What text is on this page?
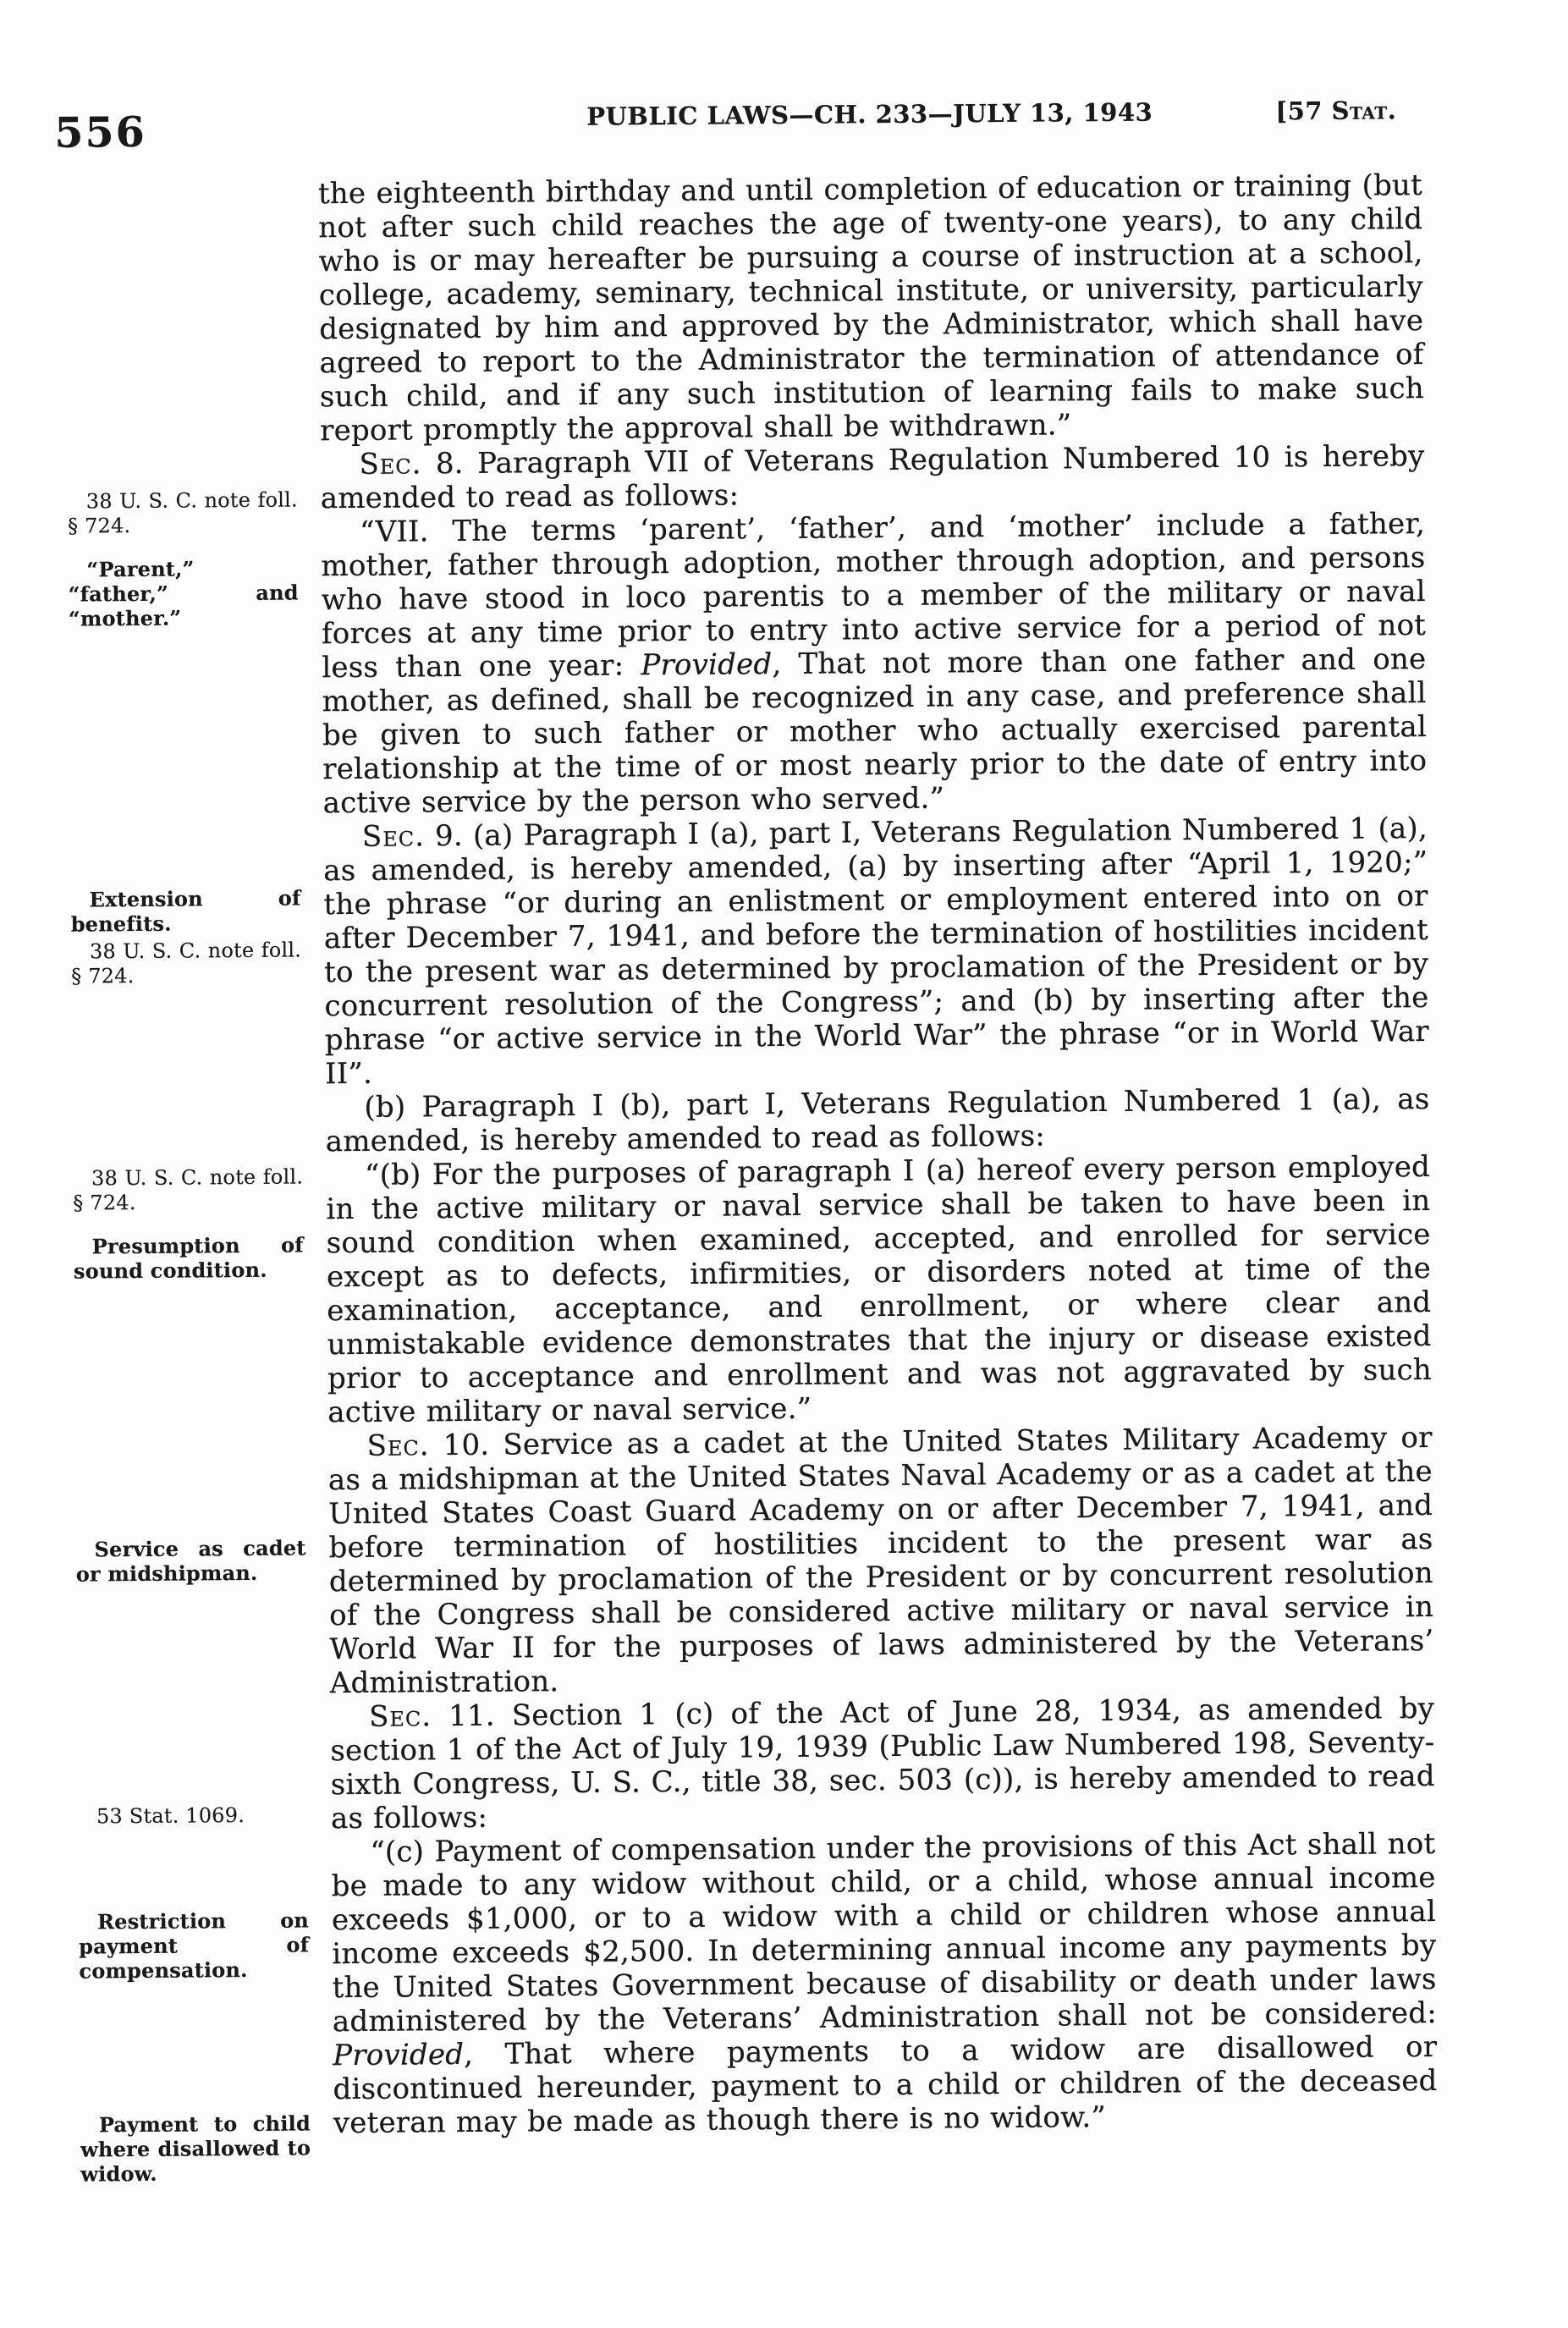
556	PUBLIC LAWS—CH. 233—JULY 13, 1943	[57 Stat.
38 U. S. C. note foll. § 724.
“Parent,” “father,” and “mother.”
Extension of benefits.
38 U. S. C. note foll. § 724.
38 U. S. C. note foll. § 724.
Presumption of sound condition.
Service as cadet or midshipman.
53 Stat. 1069.
Restriction on payment of compensation.
Payment to child where disallowed to widow.

the eighteenth birthday and until completion of education or training (but not after such child reaches the age of twenty-one years), to any child who is or may hereafter be pursuing a course of instruction at a school, college, academy, seminary, technical institute, or university, particularly designated by him and approved by the Administrator, which shall have agreed to report to the Administrator the termination of attendance of such child, and if any such institution of learning fails to make such report promptly the approval shall be withdrawn.”

Sec. 8. Paragraph VII of Veterans Regulation Numbered 10 is hereby amended to read as follows:

“VII. The terms ‘parent’, ‘father’, and ‘mother’ include a father, mother, father through adoption, mother through adoption, and persons who have stood in loco parentis to a member of the military or naval forces at any time prior to entry into active service for a period of not less than one year: Provided, That not more than one father and one mother, as defined, shall be recognized in any case, and preference shall be given to such father or mother who actually exercised parental relationship at the time of or most nearly prior to the date of entry into active service by the person who served.”

Sec. 9. (a) Paragraph I (a), part I, Veterans Regulation Numbered 1 (a), as amended, is hereby amended, (a) by inserting after “April 1, 1920;” the phrase “or during an enlistment or employment entered into on or after December 7, 1941, and before the termination of hostilities incident to the present war as determined by proclamation of the President or by concurrent resolution of the Congress”; and (b) by inserting after the phrase “or active service in the World War” the phrase “or in World War II”.

(b) Paragraph I (b), part I, Veterans Regulation Numbered 1 (a), as amended, is hereby amended to read as follows:

“(b) For the purposes of paragraph I (a) hereof every person employed in the active military or naval service shall be taken to have been in sound condition when examined, accepted, and enrolled for service except as to defects, infirmities, or disorders noted at time of the examination, acceptance, and enrollment, or where clear and unmistakable evidence demonstrates that the injury or disease existed prior to acceptance and enrollment and was not aggravated by such active military or naval service.”

Sec. 10. Service as a cadet at the United States Military Academy or as a midshipman at the United States Naval Academy or as a cadet at the United States Coast Guard Academy on or after December 7, 1941, and before termination of hostilities incident to the present war as determined by proclamation of the President or by concurrent resolution of the Congress shall be considered active military or naval service in World War II for the purposes of laws administered by the Veterans’ Administration.

Sec. 11. Section 1 (c) of the Act of June 28, 1934, as amended by section 1 of the Act of July 19, 1939 (Public Law Numbered 198, Seventy-sixth Congress, U. S. C., title 38, sec. 503 (c)), is hereby amended to read as follows:

“(c) Payment of compensation under the provisions of this Act shall not be made to any widow without child, or a child, whose annual income exceeds $1,000, or to a widow with a child or children whose annual income exceeds $2,500. In determining annual income any payments by the United States Government because of disability or death under laws administered by the Veterans’ Administration shall not be considered: Provided, That where payments to a widow are disallowed or discontinued hereunder, payment to a child or children of the deceased veteran may be made as though there is no widow.”
